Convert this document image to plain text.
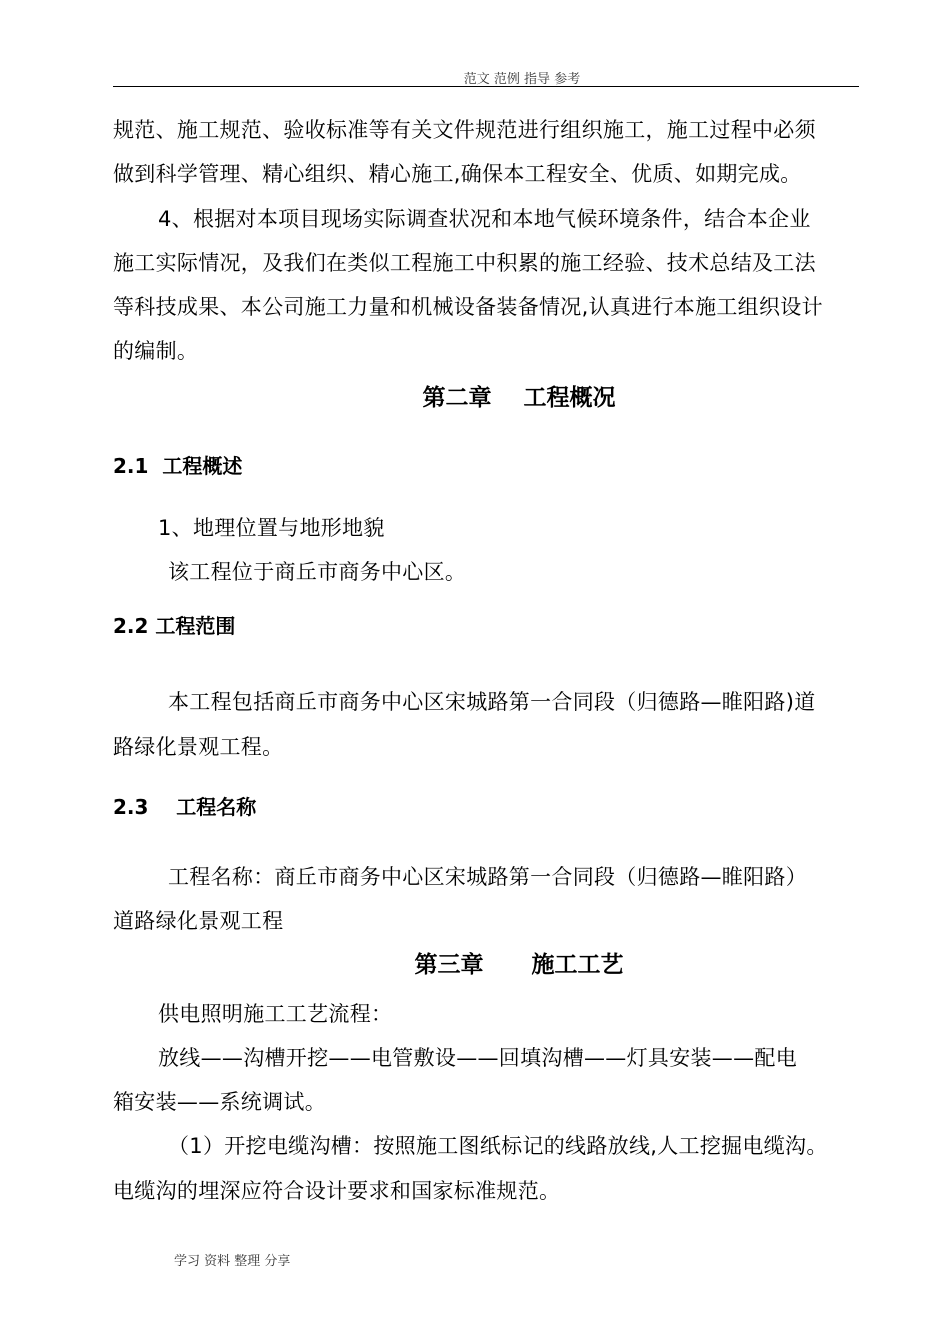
范文 范例 指导 参考

规范、施工规范、验收标准等有关文件规范进行组织施工，施工过程中必须

做到科学管理、精心组织、精心施工,确保本工程安全、优质、如期完成。

4、根据对本项目现场实际调查状况和本地气候环境条件，结合本企业

施工实际情况，及我们在类似工程施工中积累的施工经验、技术总结及工法

等科技成果、本公司施工力量和机械设备装备情况,认真进行本施工组织设计

的编制。

第二章    工程概况

2.1  工程概述

1、地理位置与地形地貌

该工程位于商丘市商务中心区。

2.2 工程范围

本工程包括商丘市商务中心区宋城路第一合同段（归德路—睢阳路)道

路绿化景观工程。

2.3    工程名称

工程名称：商丘市商务中心区宋城路第一合同段（归德路—睢阳路）

道路绿化景观工程

第三章      施工工艺

供电照明施工工艺流程：

放线——沟槽开挖——电管敷设——回填沟槽——灯具安装——配电

箱安装——系统调试。

（1）开挖电缆沟槽：按照施工图纸标记的线路放线,人工挖掘电缆沟。

电缆沟的埋深应符合设计要求和国家标准规范。

学习 资料 整理 分享
